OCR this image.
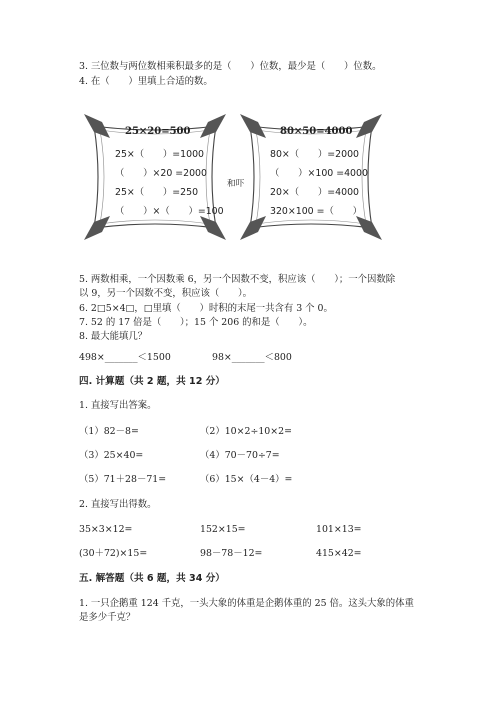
3. 三位数与两位数相乘积最多的是（　　）位数，最少是（　　）位数。
4. 在（　　）里填上合适的数。
25×20=500
25×（　　）=1000
（　　）×20 =2000
25×（　　）=250
（　　）×（　　）=100
和吓
80×50=4000
80×（　　）=2000
（　　）×100 =4000
20×（　　）=4000
320×100 =（　　）
5. 两数相乘，一个因数乘 6，另一个因数不变，积应该（　　）；一个因数除
以 9，另一个因数不变，积应该（　　）。
6. 2□5×4□，□里填（　　）时积的末尾一共含有 3 个 0。
7. 52 的 17 倍是（　　）；15 个 206 的和是（　　）。
8. 最大能填几？
498×_______＜1500	98×_______＜800
四. 计算题（共 2 题，共 12 分）
1. 直接写出答案。
（1）82－8=	（2）10×2÷10×2=
（3）25×40=	（4）70－70÷7=
（5）71＋28－71=	（6）15×（4－4）=
2. 直接写出得数。
35×3×12=	152×15=	101×13=
(30＋72)×15=	98－78－12=	415×42=
五. 解答题（共 6 题，共 34 分）
1. 一只企鹅重 124 千克，一头大象的体重是企鹅体重的 25 倍。这头大象的体重
是多少千克？
